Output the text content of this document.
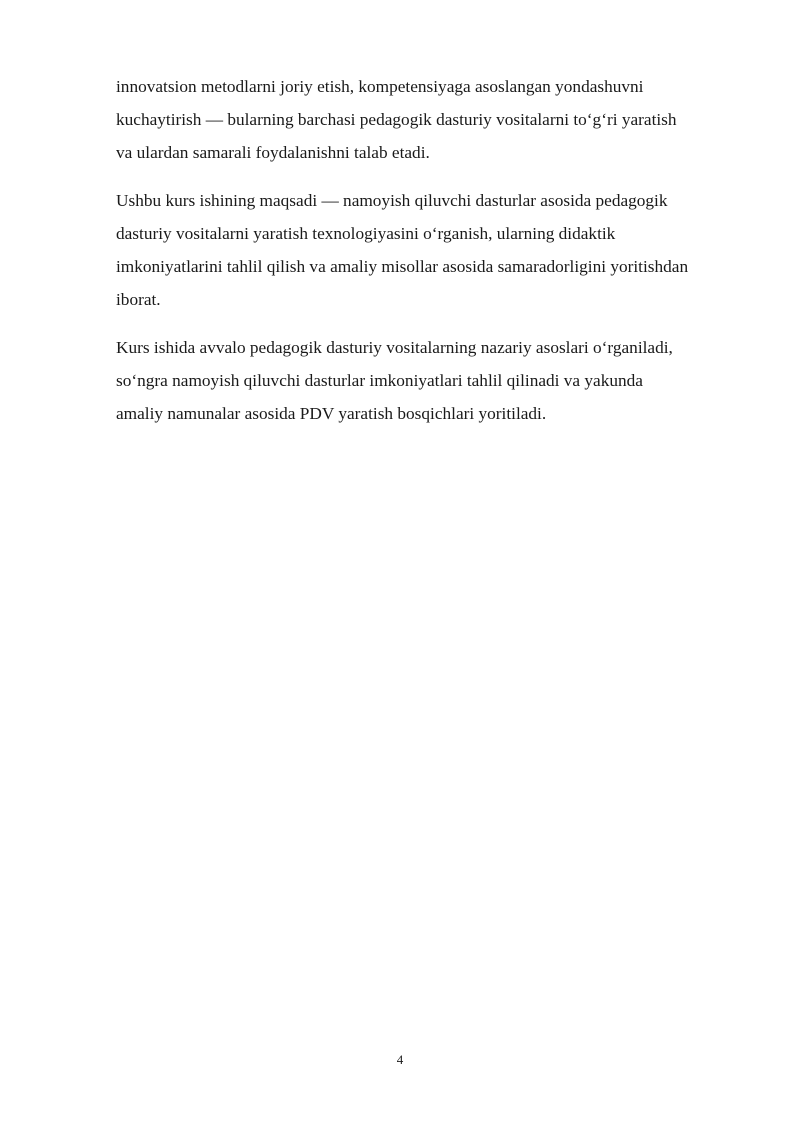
innovatsion metodlarni joriy etish, kompetensiyaga asoslangan yondashuvni
kuchaytirish — bularning barchasi pedagogik dasturiy vositalarni to‘g‘ri yaratish
va ulardan samarali foydalanishni talab etadi.

Ushbu kurs ishining maqsadi — namoyish qiluvchi dasturlar asosida pedagogik
dasturiy vositalarni yaratish texnologiyasini o‘rganish, ularning didaktik
imkoniyatlarini tahlil qilish va amaliy misollar asosida samaradorligini yoritishdan
iborat.

Kurs ishida avvalo pedagogik dasturiy vositalarning nazariy asoslari o‘rganiladi,
so‘ngra namoyish qiluvchi dasturlar imkoniyatlari tahlil qilinadi va yakunda
amaliy namunalar asosida PDV yaratish bosqichlari yoritiladi.

4
